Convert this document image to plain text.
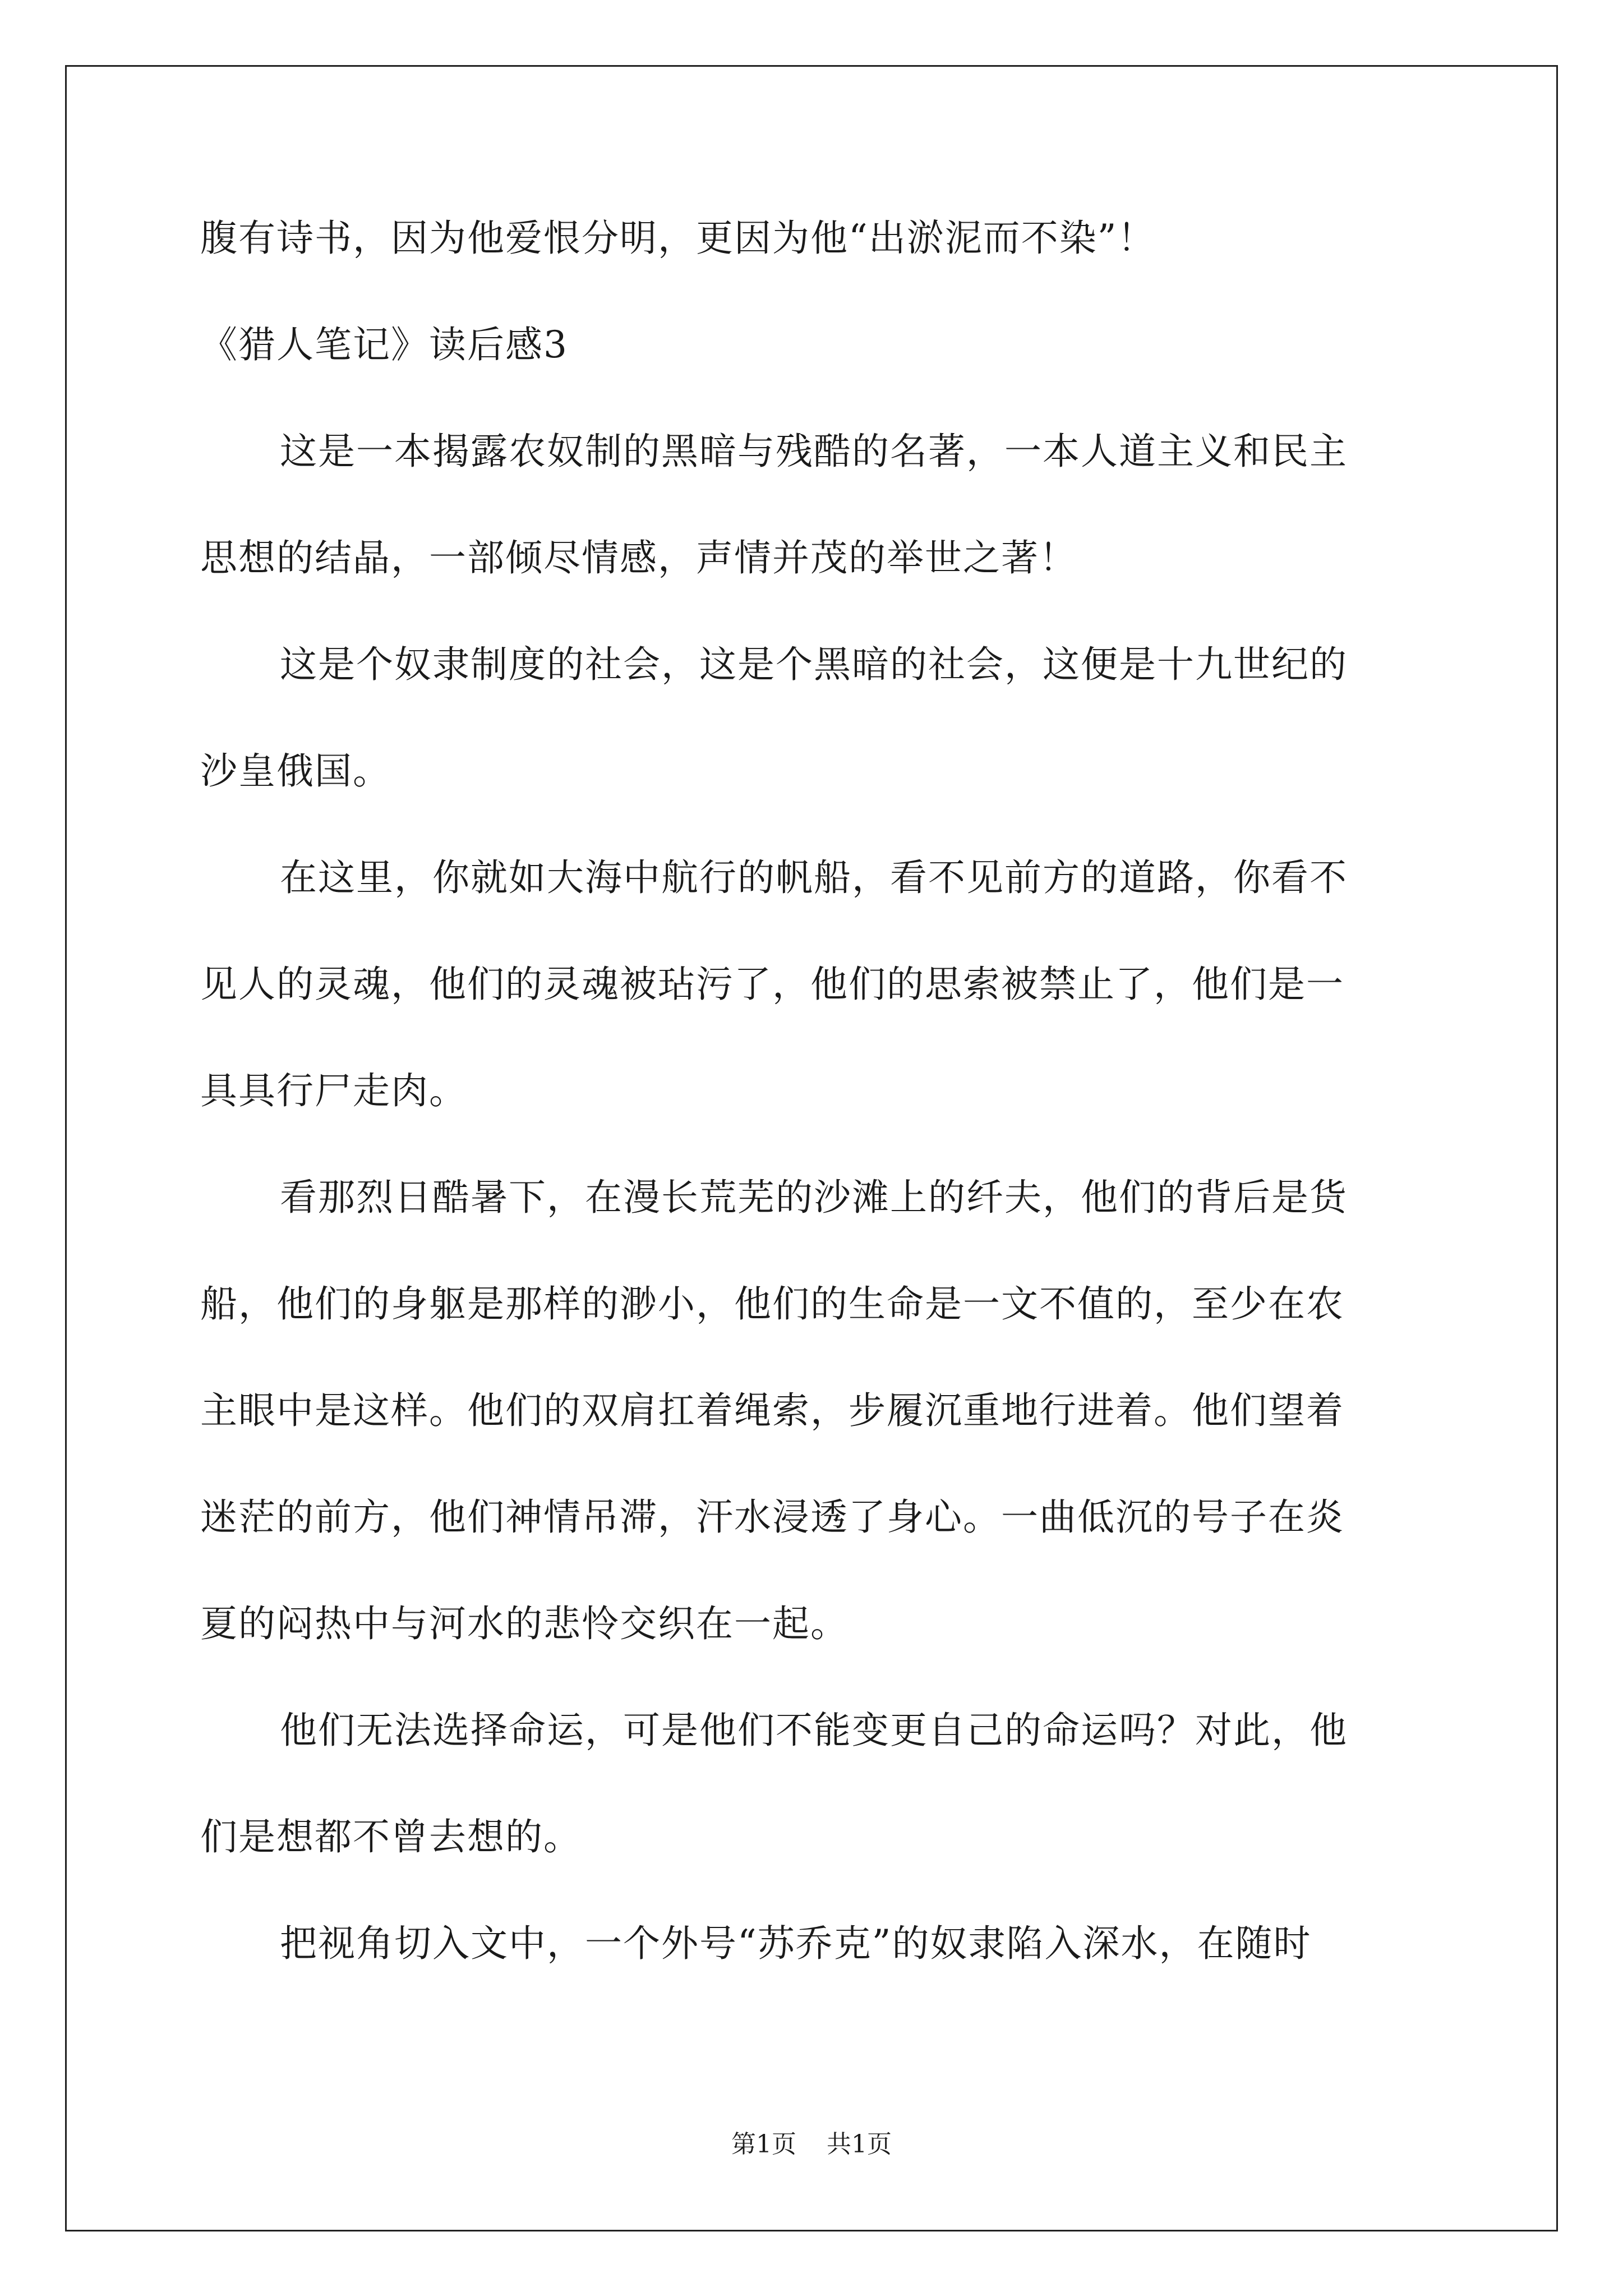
腹有诗书，因为他爱恨分明，更因为他“出淤泥而不染”！
《猎人笔记》读后感3
这是一本揭露农奴制的黑暗与残酷的名著，一本人道主义和民主
思想的结晶，一部倾尽情感，声情并茂的举世之著！
这是个奴隶制度的社会，这是个黑暗的社会，这便是十九世纪的
沙皇俄国。
在这里，你就如大海中航行的帆船，看不见前方的道路，你看不
见人的灵魂，他们的灵魂被玷污了，他们的思索被禁止了，他们是一
具具行尸走肉。
看那烈日酷暑下，在漫长荒芜的沙滩上的纤夫，他们的背后是货
船，他们的身躯是那样的渺小，他们的生命是一文不值的，至少在农
主眼中是这样。他们的双肩扛着绳索，步履沉重地行进着。他们望着
迷茫的前方，他们神情吊滞，汗水浸透了身心。一曲低沉的号子在炎
夏的闷热中与河水的悲怜交织在一起。
他们无法选择命运，可是他们不能变更自己的命运吗？对此，他
们是想都不曾去想的。
把视角切入文中，一个外号“苏乔克”的奴隶陷入深水，在随时
第1页 共1页
